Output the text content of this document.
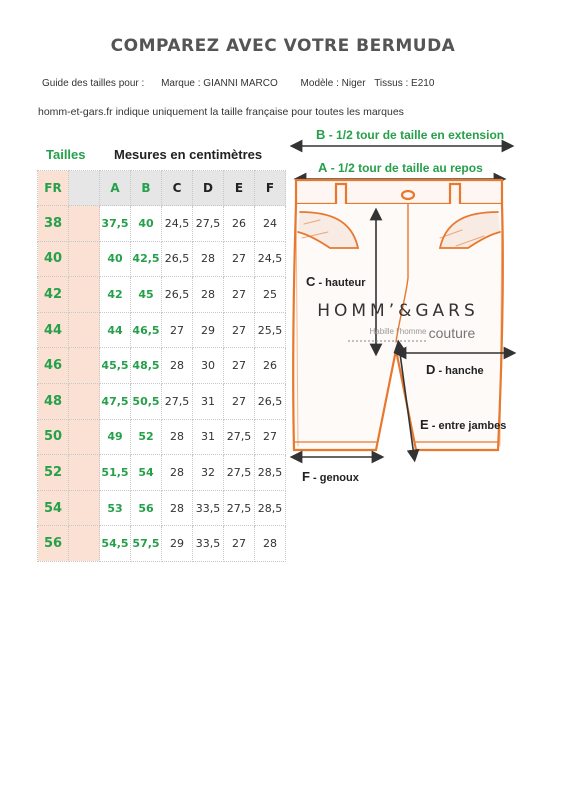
COMPAREZ AVEC VOTRE BERMUDA
Guide des tailles pour : Marque : GIANNI MARCO Modèle : Niger Tissus : E210
homm-et-gars.fr indique uniquement la taille française pour toutes les marques
Tailles Mesures en centimètres
FR		A	B	C	D	E	F
38		37,5	40	24,5	27,5	26	24
40		40	42,5	26,5	28	27	24,5
42		42	45	26,5	28	27	25
44		44	46,5	27	29	27	25,5
46		45,5	48,5	28	30	27	26
48		47,5	50,5	27,5	31	27	26,5
50		49	52	28	31	27,5	27
52		51,5	54	28	32	27,5	28,5
54		53	56	28	33,5	27,5	28,5
56		54,5	57,5	29	33,5	27	28
B - 1/2 tour de taille en extension
A - 1/2 tour de taille au repos
C - hauteur
HOMM’&GARS
Habille l’homme couture
D - hanche
E - entre jambes
F - genoux
